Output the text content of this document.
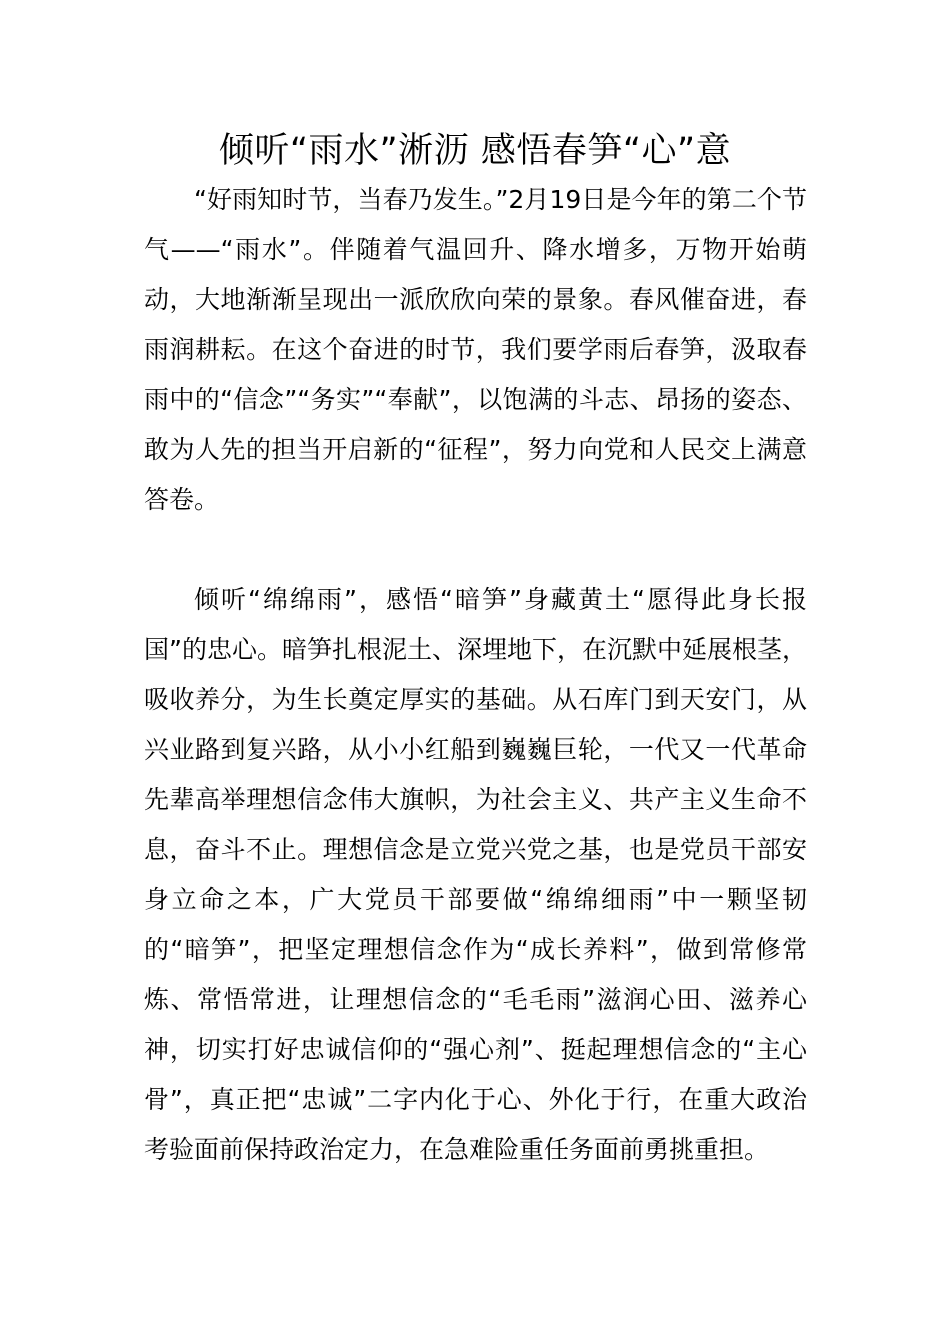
倾听“雨水”淅沥 感悟春笋“心”意

“好雨知时节，当春乃发生。”2月19日是今年的第二个节气——“雨水”。伴随着气温回升、降水增多，万物开始萌动，大地渐渐呈现出一派欣欣向荣的景象。春风催奋进，春雨润耕耘。在这个奋进的时节，我们要学雨后春笋，汲取春雨中的“信念”“务实”“奉献”，以饱满的斗志、昂扬的姿态、敢为人先的担当开启新的“征程”，努力向党和人民交上满意答卷。

倾听“绵绵雨”，感悟“暗笋”身藏黄土“愿得此身长报国”的忠心。暗笋扎根泥土、深埋地下，在沉默中延展根茎，吸收养分，为生长奠定厚实的基础。从石库门到天安门，从兴业路到复兴路，从小小红船到巍巍巨轮，一代又一代革命先辈高举理想信念伟大旗帜，为社会主义、共产主义生命不息，奋斗不止。理想信念是立党兴党之基，也是党员干部安身立命之本，广大党员干部要做“绵绵细雨”中一颗坚韧的“暗笋”，把坚定理想信念作为“成长养料”，做到常修常炼、常悟常进，让理想信念的“毛毛雨”滋润心田、滋养心神，切实打好忠诚信仰的“强心剂”、挺起理想信念的“主心骨”，真正把“忠诚”二字内化于心、外化于行，在重大政治考验面前保持政治定力，在急难险重任务面前勇挑重担。
